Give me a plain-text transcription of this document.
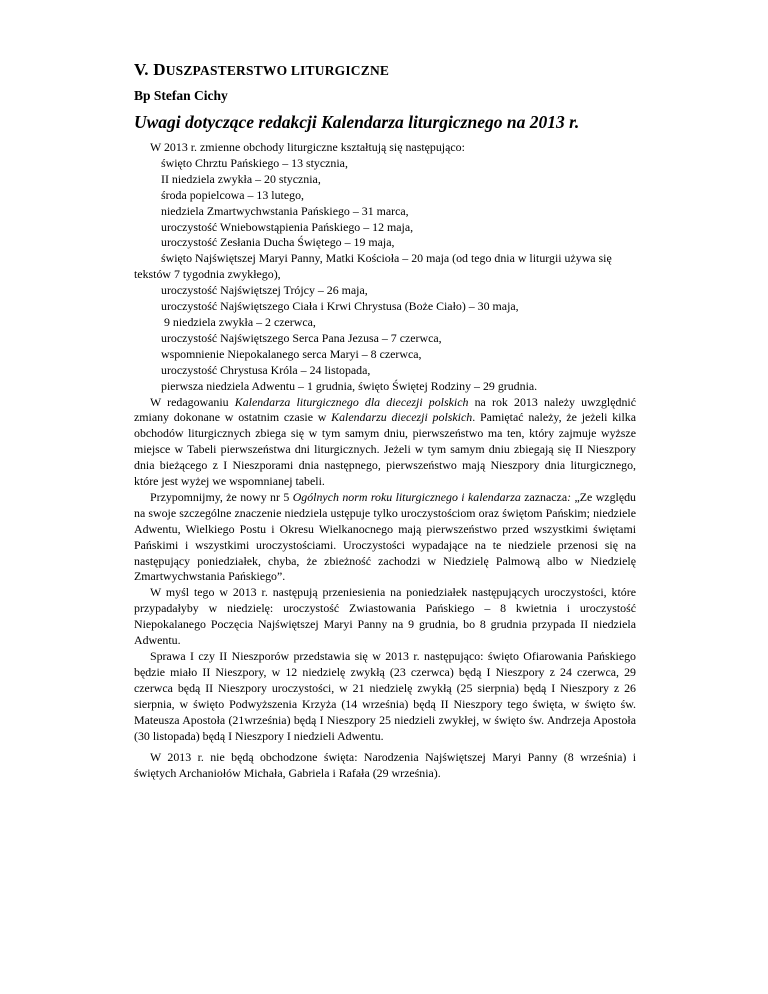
V. DUSZPASTERSTWO LITURGICZNE
Bp Stefan Cichy
Uwagi dotyczące redakcji Kalendarza liturgicznego na 2013 r.

W 2013 r. zmienne obchody liturgiczne kształtują się następująco:

święto Chrztu Pańskiego – 13 stycznia,
II niedziela zwykła – 20 stycznia,
środa popielcowa – 13 lutego,
niedziela Zmartwychwstania Pańskiego – 31 marca,
uroczystość Wniebowstąpienia Pańskiego – 12 maja,
uroczystość Zesłania Ducha Świętego – 19 maja,
święto Najświętszej Maryi Panny, Matki Kościoła – 20 maja (od tego dnia w liturgii używa się tekstów 7 tygodnia zwykłego),
uroczystość Najświętszej Trójcy – 26 maja,
uroczystość Najświętszego Ciała i Krwi Chrystusa (Boże Ciało) – 30 maja,
9 niedziela zwykła – 2 czerwca,
uroczystość Najświętszego Serca Pana Jezusa – 7 czerwca,
wspomnienie Niepokalanego serca Maryi – 8 czerwca,
uroczystość Chrystusa Króla – 24 listopada,
pierwsza niedziela Adwentu – 1 grudnia, święto Świętej Rodziny – 29 grudnia.

W redagowaniu Kalendarza liturgicznego dla diecezji polskich na rok 2013 należy uwzględnić zmiany dokonane w ostatnim czasie w Kalendarzu diecezji polskich. Pamiętać należy, że jeżeli kilka obchodów liturgicznych zbiega się w tym samym dniu, pierwszeństwo ma ten, który zajmuje wyższe miejsce w Tabeli pierwszeństwa dni liturgicznych. Jeżeli w tym samym dniu zbiegają się II Nieszpory dnia bieżącego z I Nieszporami dnia następnego, pierwszeństwo mają Nieszpory dnia liturgicznego, które jest wyżej we wspomnianej tabeli.

Przypomnijmy, że nowy nr 5 Ogólnych norm roku liturgicznego i kalendarza zaznacza: „Ze względu na swoje szczególne znaczenie niedziela ustępuje tylko uroczystościom oraz świętom Pańskim; niedziele Adwentu, Wielkiego Postu i Okresu Wielkanocnego mają pierwszeństwo przed wszystkimi świętami Pańskimi i wszystkimi uroczystościami. Uroczystości wypadające na te niedziele przenosi się na następujący poniedziałek, chyba, że zbieżność zachodzi w Niedzielę Palmową albo w Niedzielę Zmartwychwstania Pańskiego”.

W myśl tego w 2013 r. następują przeniesienia na poniedziałek następujących uroczystości, które przypadałyby w niedzielę: uroczystość Zwiastowania Pańskiego – 8 kwietnia i uroczystość Niepokalanego Poczęcia Najświętszej Maryi Panny na 9 grudnia, bo 8 grudnia przypada II niedziela Adwentu.

Sprawa I czy II Nieszporów przedstawia się w 2013 r. następująco: święto Ofiarowania Pańskiego będzie miało II Nieszpory, w 12 niedzielę zwykłą (23 czerwca) będą I Nieszpory z 24 czerwca, 29 czerwca będą II Nieszpory uroczystości, w 21 niedzielę zwykłą (25 sierpnia) będą I Nieszpory z 26 sierpnia, w święto Podwyższenia Krzyża (14 września) będą II Nieszpory tego święta, w święto św. Mateusza Apostoła (21września) będą I Nieszpory 25 niedzieli zwykłej, w święto św. Andrzeja Apostoła (30 listopada) będą I Nieszpory I niedzieli Adwentu.

W 2013 r. nie będą obchodzone święta: Narodzenia Najświętszej Maryi Panny (8 września) i świętych Archaniołów Michała, Gabriela i Rafała (29 września).
